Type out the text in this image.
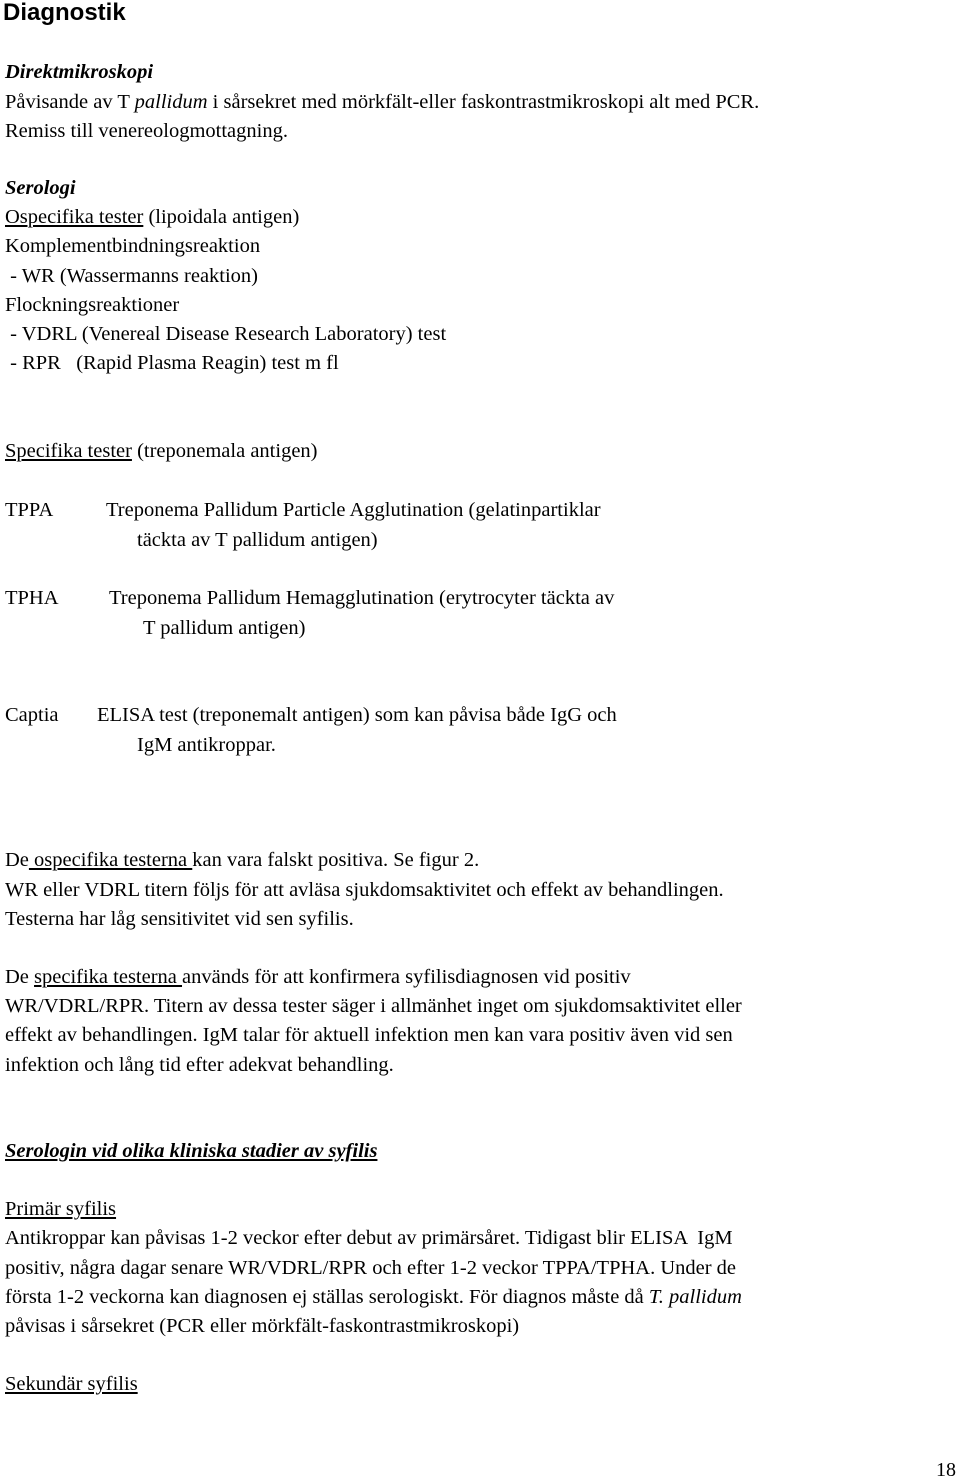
Diagnostik
Direktmikroskopi
Påvisande av T pallidum i sårsekret med mörkfält-eller faskontrastmikroskopi alt med PCR.
Remiss till venereologmottagning.
Serologi
Ospecifika tester (lipoidala antigen)
Komplementbindningsreaktion
- WR (Wassermanns reaktion)
Flockningsreaktioner
- VDRL (Venereal Disease Research Laboratory) test
- RPR   (Rapid Plasma Reagin) test m fl
Specifika tester (treponemala antigen)
TPPA	Treponema Pallidum Particle Agglutination (gelatinpartiklar
täckta av T pallidum antigen)
TPHA Treponema Pallidum Hemagglutination (erytrocyter täckta av
T pallidum antigen)
Captia ELISA test (treponemalt antigen) som kan påvisa både IgG och
IgM antikroppar.
De ospecifika testerna kan vara falskt positiva. Se figur 2.
WR eller VDRL titern följs för att avläsa sjukdomsaktivitet och effekt av behandlingen.
Testerna har låg sensitivitet vid sen syfilis.
De specifika testerna används för att konfirmera syfilisdiagnosen vid positiv
WR/VDRL/RPR. Titern av dessa tester säger i allmänhet inget om sjukdomsaktivitet eller
effekt av behandlingen. IgM talar för aktuell infektion men kan vara positiv även vid sen
infektion och lång tid efter adekvat behandling.
Serologin vid olika kliniska stadier av syfilis
Primär syfilis
Antikroppar kan påvisas 1-2 veckor efter debut av primärsåret. Tidigast blir ELISA  IgM
positiv, några dagar senare WR/VDRL/RPR och efter 1-2 veckor TPPA/TPHA. Under de
första 1-2 veckorna kan diagnosen ej ställas serologiskt. För diagnos måste då T. pallidum
påvisas i sårsekret (PCR eller mörkfält-faskontrastmikroskopi)
Sekundär syfilis
18
